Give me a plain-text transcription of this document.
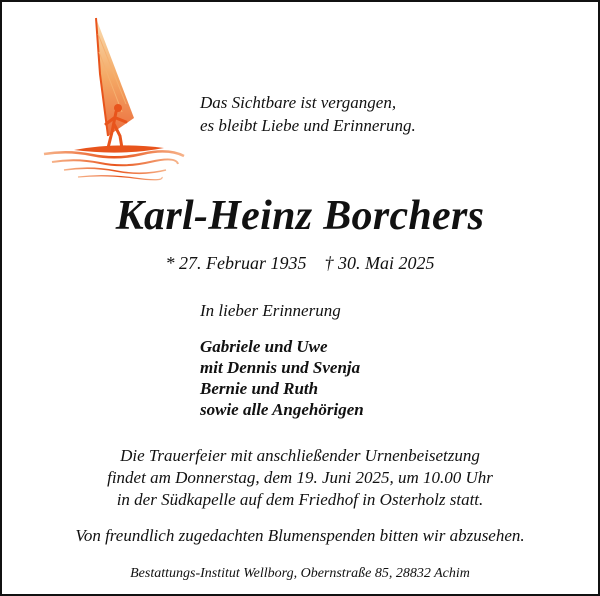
Das Sichtbare ist vergangen,
es bleibt Liebe und Erinnerung.
Karl-Heinz Borchers
* 27. Februar 1935 † 30. Mai 2025
In lieber Erinnerung
Gabriele und Uwe
mit Dennis und Svenja
Bernie und Ruth
sowie alle Angehörigen
Die Trauerfeier mit anschließender Urnenbeisetzung
findet am Donnerstag, dem 19. Juni 2025, um 10.00 Uhr
in der Südkapelle auf dem Friedhof in Osterholz statt.
Von freundlich zugedachten Blumenspenden bitten wir abzusehen.
Bestattungs-Institut Wellborg, Obernstraße 85, 28832 Achim
